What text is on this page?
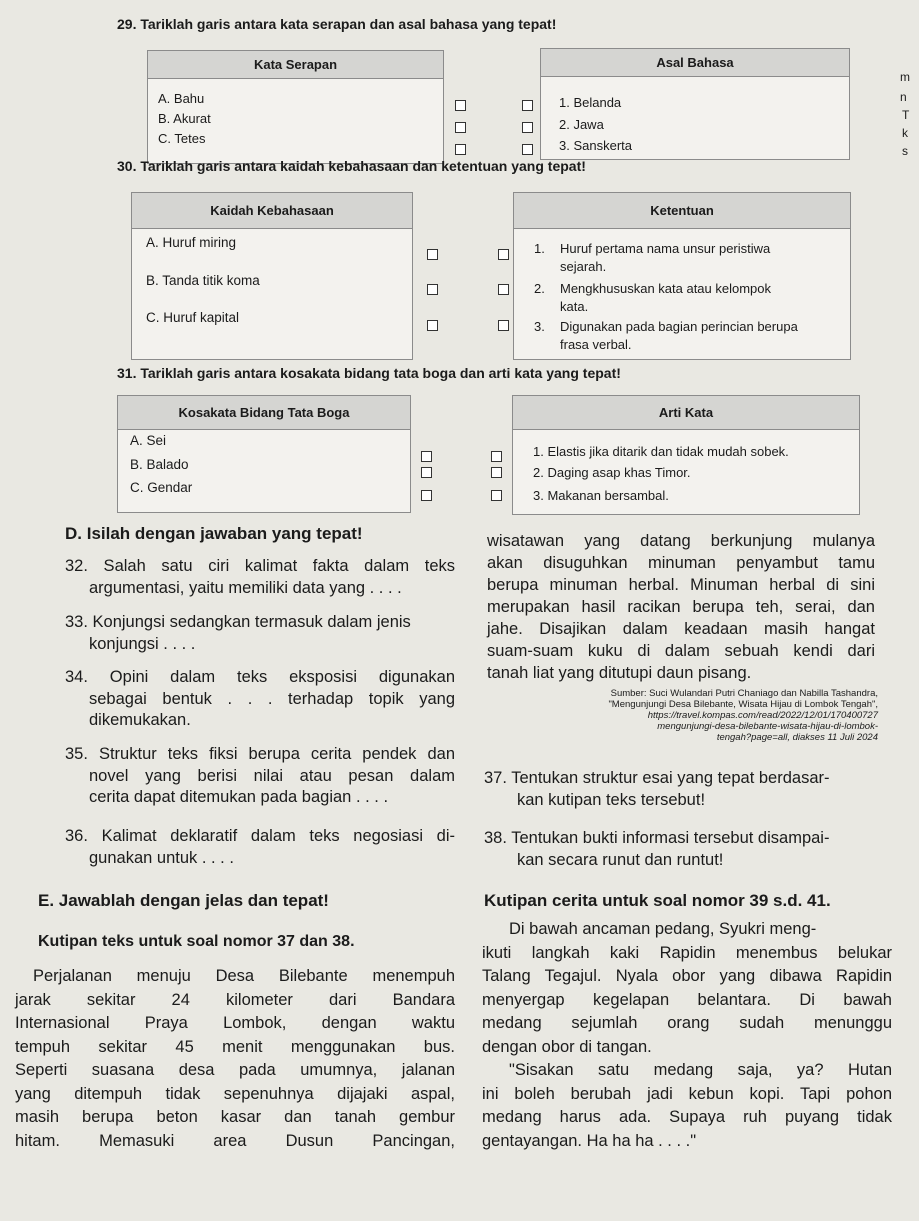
29. Tariklah garis antara kata serapan dan asal bahasa yang tepat!
Kata Serapan
A. Bahu
B. Akurat
C. Tetes
Asal Bahasa
1. Belanda
2. Jawa
3. Sanskerta
m
n
T
k
s
30. Tariklah garis antara kaidah kebahasaan dan ketentuan yang tepat!
Kaidah Kebahasaan
A. Huruf miring
B. Tanda titik koma
C. Huruf kapital
Ketentuan
1. Huruf pertama nama unsur peristiwa
sejarah.
2. Mengkhususkan kata atau kelompok
kata.
3. Digunakan pada bagian perincian berupa
frasa verbal.
31. Tariklah garis antara kosakata bidang tata boga dan arti kata yang tepat!
Kosakata Bidang Tata Boga
A. Sei
B. Balado
C. Gendar
Arti Kata
1. Elastis jika ditarik dan tidak mudah sobek.
2. Daging asap khas Timor.
3. Makanan bersambal.
D. Isilah dengan jawaban yang tepat!

32. Salah satu ciri kalimat fakta dalam teks

argumentasi, yaitu memiliki data yang . . . .

33. Konjungsi sedangkan termasuk dalam jenis

konjungsi . . . .

34. Opini dalam teks eksposisi digunakan

sebagai bentuk . . . terhadap topik yang

dikemukakan.

35. Struktur teks fiksi berupa cerita pendek dan

novel yang berisi nilai atau pesan dalam

cerita dapat ditemukan pada bagian . . . .

36. Kalimat deklaratif dalam teks negosiasi di-

gunakan untuk . . . .

E. Jawablah dengan jelas dan tepat!
Kutipan teks untuk soal nomor 37 dan 38.

Perjalanan menuju Desa Bilebante menempuh

jarak sekitar 24 kilometer dari Bandara

Internasional Praya Lombok, dengan waktu

tempuh sekitar 45 menit menggunakan bus.

Seperti suasana desa pada umumnya, jalanan

yang ditempuh tidak sepenuhnya dijajaki aspal,

masih berupa beton kasar dan tanah gembur

hitam. Memasuki area Dusun Pancingan,

wisatawan yang datang berkunjung mulanya

akan disuguhkan minuman penyambut tamu

berupa minuman herbal. Minuman herbal di sini

merupakan hasil racikan berupa teh, serai, dan

jahe. Disajikan dalam keadaan masih hangat

suam-suam kuku di dalam sebuah kendi dari

tanah liat yang ditutupi daun pisang.

Sumber: Suci Wulandari Putri Chaniago dan Nabilla Tashandra,
"Mengunjungi Desa Bilebante, Wisata Hijau di Lombok Tengah",
https://travel.kompas.com/read/2022/12/01/170400727
mengunjungi-desa-bilebante-wisata-hijau-di-lombok-
tengah?page=all, diakses 11 Juli 2024

37. Tentukan struktur esai yang tepat berdasar-

kan kutipan teks tersebut!

38. Tentukan bukti informasi tersebut disampai-

kan secara runut dan runtut!

Kutipan cerita untuk soal nomor 39 s.d. 41.

Di bawah ancaman pedang, Syukri meng-

ikuti langkah kaki Rapidin menembus belukar

Talang Tegajul. Nyala obor yang dibawa Rapidin

menyergap kegelapan belantara. Di bawah

medang sejumlah orang sudah menunggu

dengan obor di tangan.

"Sisakan satu medang saja, ya? Hutan

ini boleh berubah jadi kebun kopi. Tapi pohon

medang harus ada. Supaya ruh puyang tidak

gentayangan. Ha ha ha . . . ."
